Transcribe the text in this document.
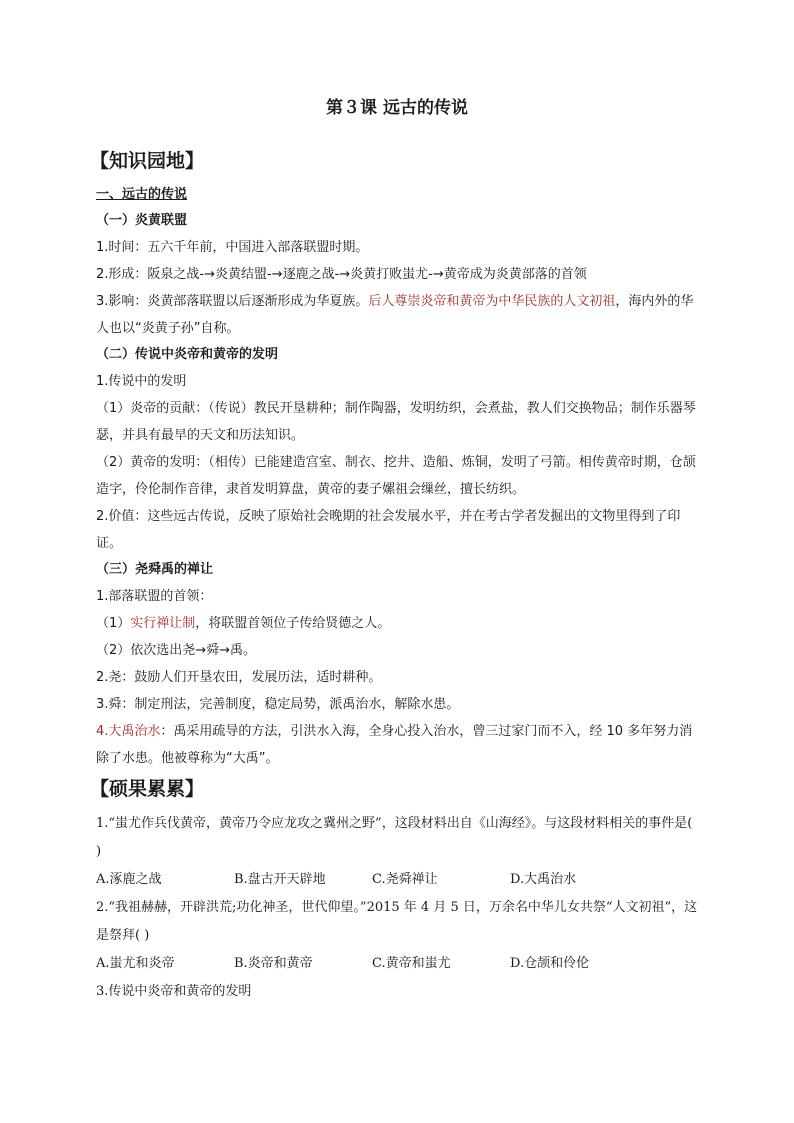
第３课 远古的传说
【知识园地】
一、远古的传说
（一）炎黄联盟
1.时间：五六千年前，中国进入部落联盟时期。
2.形成：阪泉之战-→炎黄结盟-→逐鹿之战-→炎黄打败蚩尤-→黄帝成为炎黄部落的首领
3.影响：炎黄部落联盟以后逐渐形成为华夏族。后人尊崇炎帝和黄帝为中华民族的人文初祖，海内外的华人也以“炎黄子孙”自称。
（二）传说中炎帝和黄帝的发明
1.传说中的发明
（1）炎帝的贡献：（传说）教民开垦耕种；制作陶器，发明纺织，会煮盐，教人们交换物品；制作乐器琴瑟，并具有最早的天文和历法知识。
（2）黄帝的发明：（相传）已能建造宫室、制衣、挖井、造船、炼铜，发明了弓箭。相传黄帝时期，仓颉造字，伶伦制作音律，隶首发明算盘，黄帝的妻子嫘祖会缫丝，擅长纺织。
2.价值：这些远古传说，反映了原始社会晚期的社会发展水平，并在考古学者发掘出的文物里得到了印证。
（三）尧舜禹的禅让
1.部落联盟的首领：
（1）实行禅让制，将联盟首领位子传给贤德之人。
（2）依次选出尧→舜→禹。
2.尧：鼓励人们开垦农田，发展历法，适时耕种。
3.舜：制定刑法，完善制度，稳定局势，派禹治水，解除水患。
4.大禹治水：禹采用疏导的方法，引洪水入海，全身心投入治水，曾三过家门而不入，经 10 多年努力消除了水患。他被尊称为“大禹”。
【硕果累累】
1.“蚩尤作兵伐黄帝，黄帝乃令应龙攻之冀州之野”，这段材料出自《山海经》。与这段材料相关的事件是( )
A.涿鹿之战	B.盘古开天辟地	C.尧舜禅让	D.大禹治水
2.“我祖赫赫，开辟洪荒;功化神圣，世代仰望。”2015 年 4 月 5 日，万余名中华儿女共祭“人文初祖”，这是祭拜( )
A.蚩尤和炎帝	B.炎帝和黄帝	C.黄帝和蚩尤	D.仓颉和伶伦
3.传说中炎帝和黄帝的发明
